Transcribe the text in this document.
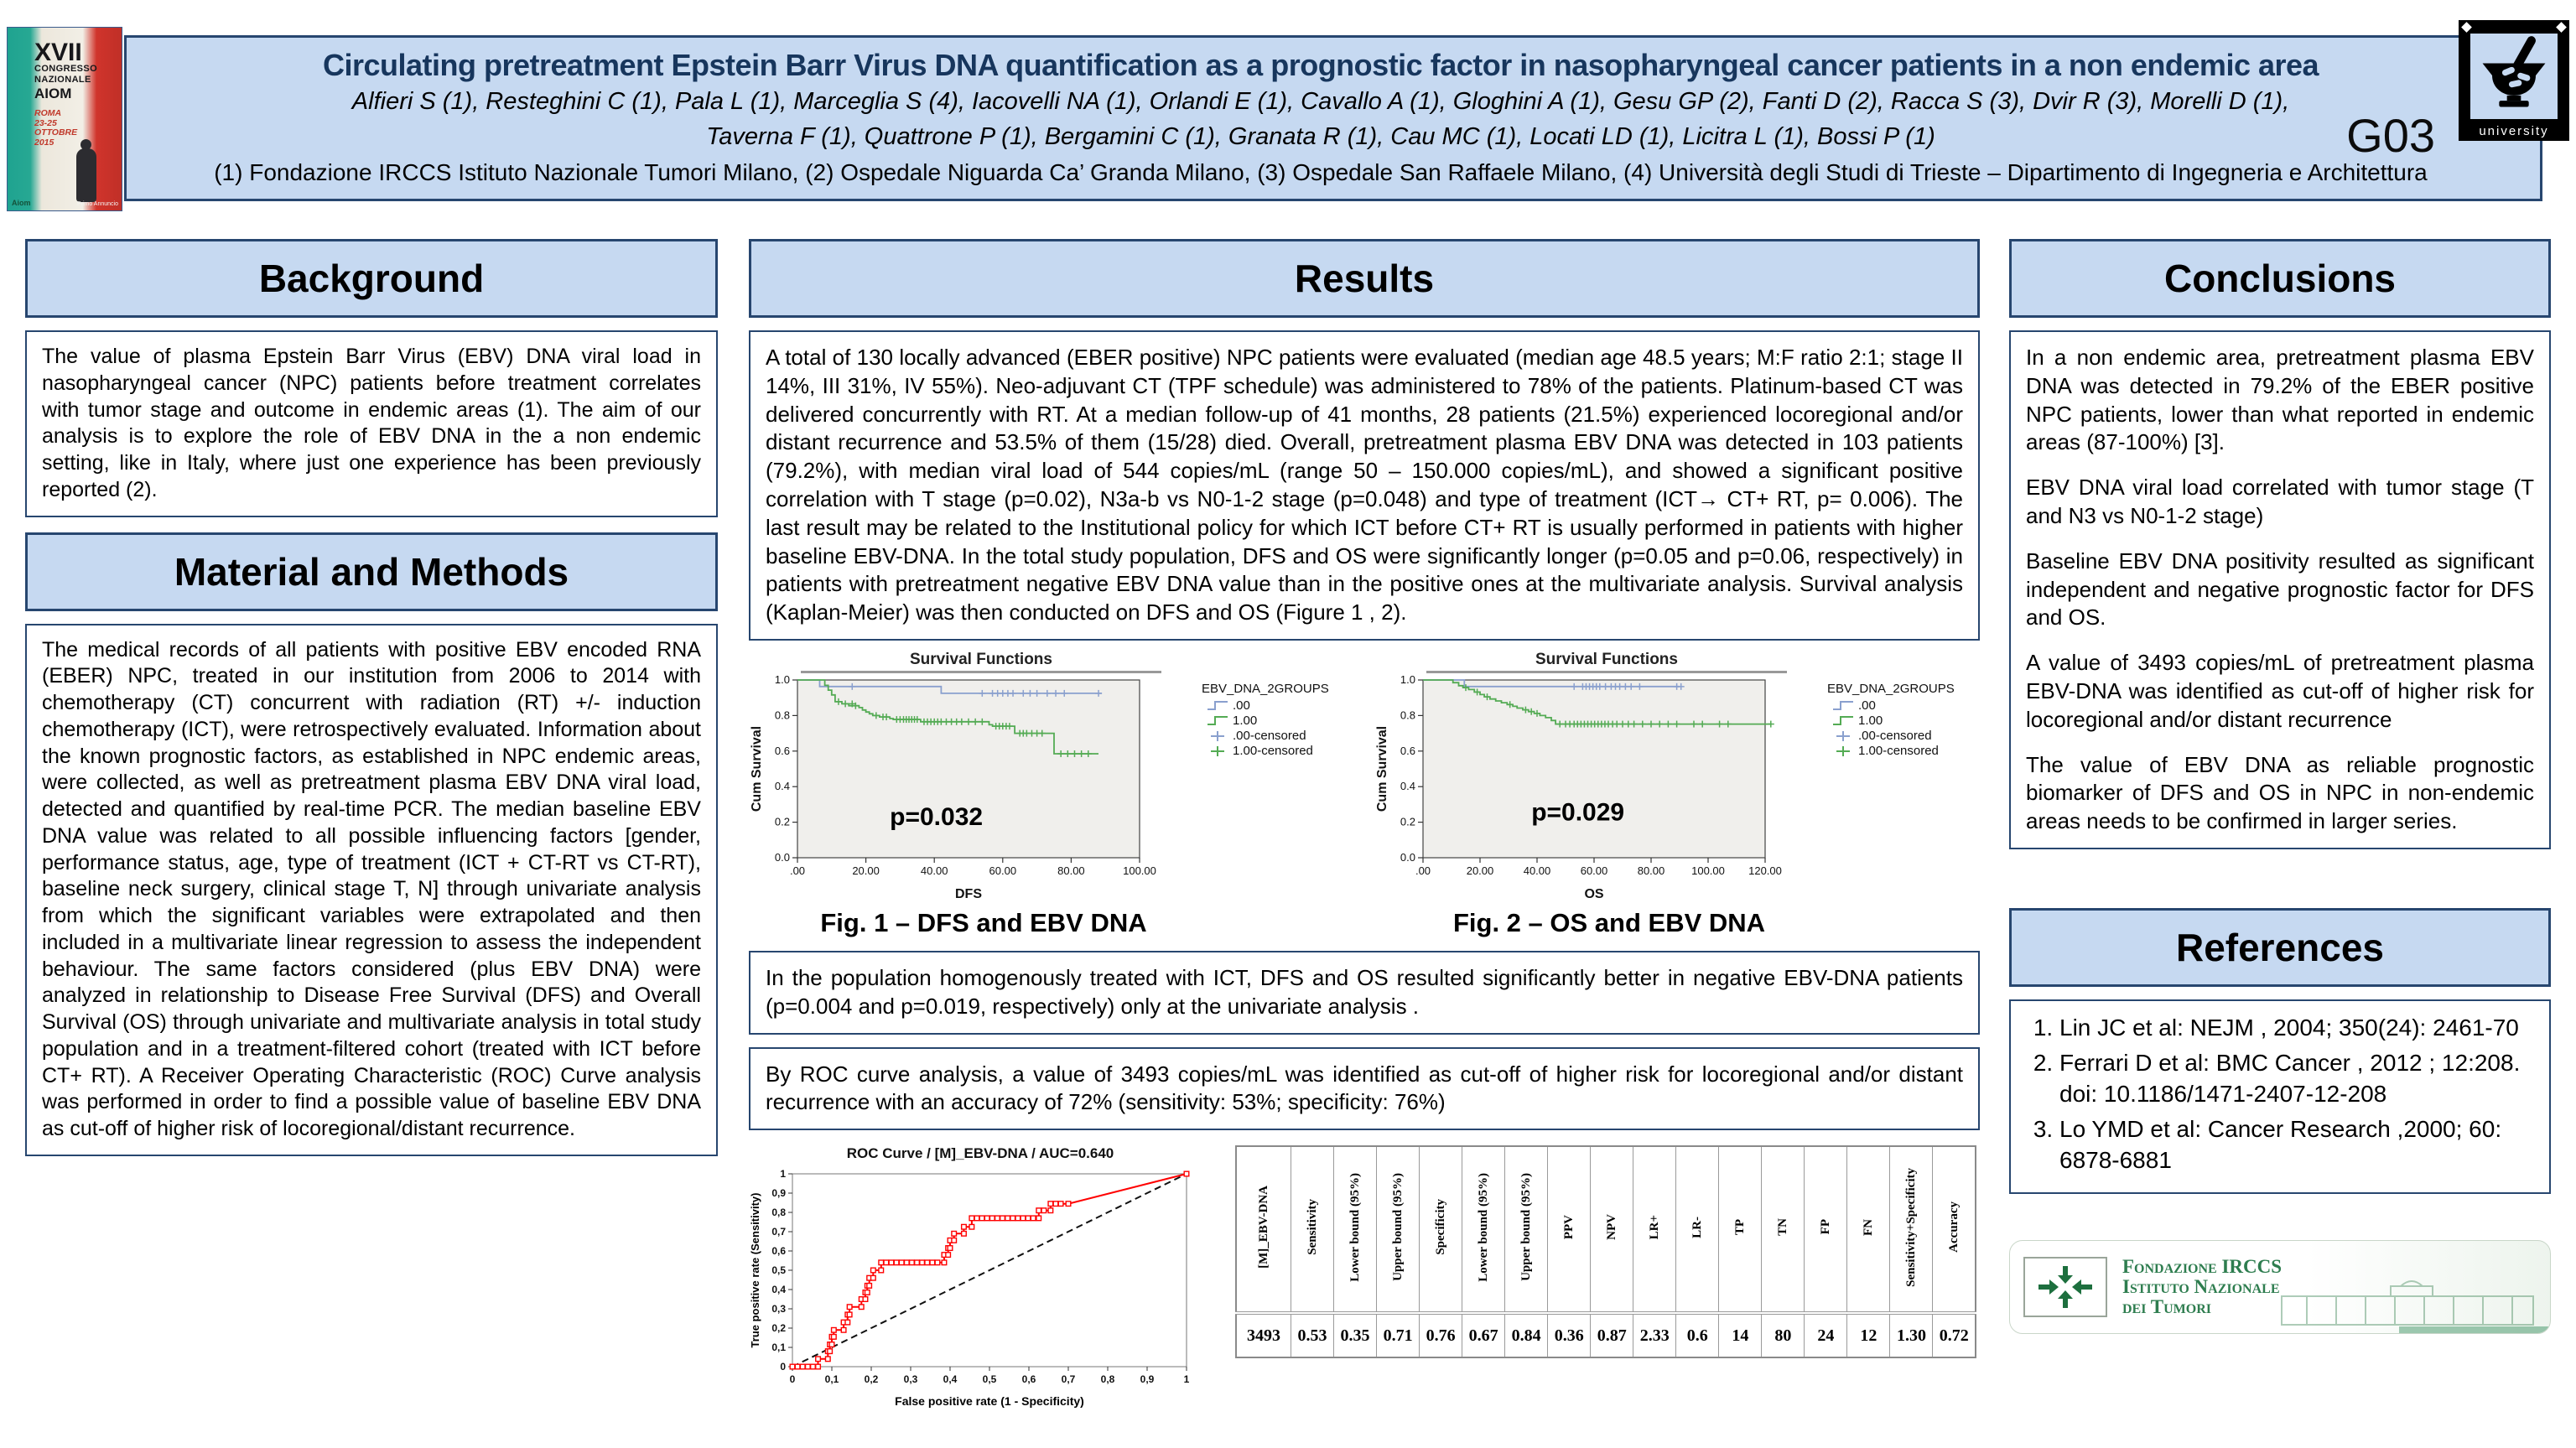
XVII
CONGRESSO
NAZIONALE
AIOM
ROMA
23-25
OTTOBRE
2015
Aiom	Primo Annuncio
Circulating pretreatment Epstein Barr Virus DNA quantification as a prognostic factor in nasopharyngeal cancer patients in a non endemic area
Alfieri S (1), Resteghini C (1), Pala L (1), Marceglia S (4), Iacovelli NA (1), Orlandi E (1), Cavallo A (1), Gloghini A (1), Gesu GP (2), Fanti D (2), Racca S (3), Dvir R (3), Morelli D (1),
Taverna F (1), Quattrone P (1), Bergamini C (1), Granata R (1), Cau MC (1), Locati LD (1), Licitra L (1), Bossi P (1)
(1) Fondazione IRCCS Istituto Nazionale Tumori Milano, (2) Ospedale Niguarda Ca’ Granda Milano, (3) Ospedale San Raffaele Milano, (4) Università degli Studi di Trieste – Dipartimento di Ingegneria e Architettura
G03	university
Background

The value of plasma Epstein Barr Virus (EBV) DNA viral load in nasopharyngeal cancer (NPC) patients before treatment correlates with tumor stage and outcome in endemic areas (1). The aim of our analysis is to explore the role of EBV DNA in the a non endemic setting, like in Italy, where just one experience has been previously reported (2).

Material and Methods

The medical records of all patients with positive EBV encoded RNA (EBER) NPC, treated in our institution from 2006 to 2014 with chemotherapy (CT) concurrent with radiation (RT) +/- induction chemotherapy (ICT), were retrospectively evaluated. Information about the known prognostic factors, as established in NPC endemic areas, were collected, as well as pretreatment plasma EBV DNA viral load, detected and quantified by real-time PCR. The median baseline EBV DNA value was related to all possible influencing factors [gender, performance status, age, type of treatment (ICT + CT-RT vs CT-RT), baseline neck surgery, clinical stage T, N] through univariate analysis from which the significant variables were extrapolated and then included in a multivariate linear regression to assess the independent behaviour. The same factors considered (plus EBV DNA) were analyzed in relationship to Disease Free Survival (DFS) and Overall Survival (OS) through univariate and multivariate analysis in total study population and in a treatment-filtered cohort (treated with ICT before CT+ RT). A Receiver Operating Characteristic (ROC) Curve analysis was performed in order to find a possible value of baseline EBV DNA as cut-off of higher risk of locoregional/distant recurrence.

Results

A total of 130 locally advanced (EBER positive) NPC patients were evaluated (median age 48.5 years; M:F ratio 2:1; stage II 14%, III 31%, IV 55%). Neo-adjuvant CT (TPF schedule) was administered to 78% of the patients. Platinum-based CT was delivered concurrently with RT. At a median follow-up of 41 months, 28 patients (21.5%) experienced locoregional and/or distant recurrence and 53.5% of them (15/28) died. Overall, pretreatment plasma EBV DNA was detected in 103 patients (79.2%), with median viral load of 544 copies/mL (range 50 – 150.000 copies/mL), and showed a significant positive correlation with T stage (p=0.02), N3a-b vs N0-1-2 stage (p=0.048) and type of treatment (ICT→ CT+ RT, p= 0.006). The last result may be related to the Institutional policy for which ICT before CT+ RT is usually performed in patients with higher baseline EBV-DNA. In the total study population, DFS and OS were significantly longer (p=0.05 and p=0.06, respectively) in patients with pretreatment negative EBV DNA value than in the positive ones at the multivariate analysis. Survival analysis (Kaplan-Meier) was then conducted on DFS and OS (Figure 1 , 2).

Survival Functions
0.0
0.2
0.4
0.6
0.8
1.0
.00	20.00	40.00	60.00	80.00	100.00
p=0.032
DFS
Cum Survival
EBV_DNA_2GROUPS
.00
1.00
.00-censored
1.00-censored
Fig. 1 – DFS and EBV DNA
Survival Functions
0.0
0.2
0.4
0.6
0.8
1.0
.00	20.00	40.00	60.00	80.00 100.00 120.00
p=0.029
OS
Cum Survival
EBV_DNA_2GROUPS
.00
1.00
.00-censored
1.00-censored
Fig. 2 – OS and EBV DNA

In the population homogenously treated with ICT, DFS and OS resulted significantly better in negative EBV-DNA patients (p=0.004 and p=0.019, respectively) only at the univariate analysis .

By ROC curve analysis, a value of 3493 copies/mL was identified as cut-off of higher risk for locoregional and/or distant recurrence with an accuracy of 72% (sensitivity: 53%; specificity: 76%)

ROC Curve / [M]_EBV-DNA / AUC=0.640
0
0
0,1
0,1
0,2
0,2
0,3
0,3
0,4
0,4
0,5
0,5
0,6
0,6
0,7
0,7
0,8
0,8
0,9
0,9
1
1
False positive rate (1 - Specificity)
True positive rate (Sensitivity)	[M]_EBV-DNA	Sensitivity	Lower bound (95%)	Upper bound (95%)	Specificity	Lower bound (95%)	Upper bound (95%)	PPV	NPV	LR+	LR-	TP	TN	FP	FN	Sensitivity+Specificity	Accuracy
3493	0.53	0.35	0.71	0.76	0.67	0.84	0.36	0.87	2.33	0.6	14	80	24	12	1.30	0.72
Conclusions

In a non endemic area, pretreatment plasma EBV DNA was detected in 79.2% of the EBER positive NPC patients, lower than what reported in endemic areas (87-100%) [3].

EBV DNA viral load correlated with tumor stage (T and N3 vs N0-1-2 stage)

Baseline EBV DNA positivity resulted as significant independent and negative prognostic factor for DFS and OS.

A value of 3493 copies/mL of pretreatment plasma EBV-DNA was identified as cut-off of higher risk for locoregional and/or distant recurrence

The value of EBV DNA as reliable prognostic biomarker of DFS and OS in NPC in non-endemic areas needs to be confirmed in larger series.

References
1. Lin JC et al: NEJM , 2004; 350(24): 2461-70
2. Ferrari D et al: BMC Cancer , 2012 ; 12:208. doi: 10.1186/1471-2407-12-208
3. Lo YMD et al: Cancer Research ,2000; 60: 6878-6881
Fondazione IRCCS
Istituto Nazionale
dei Tumori
